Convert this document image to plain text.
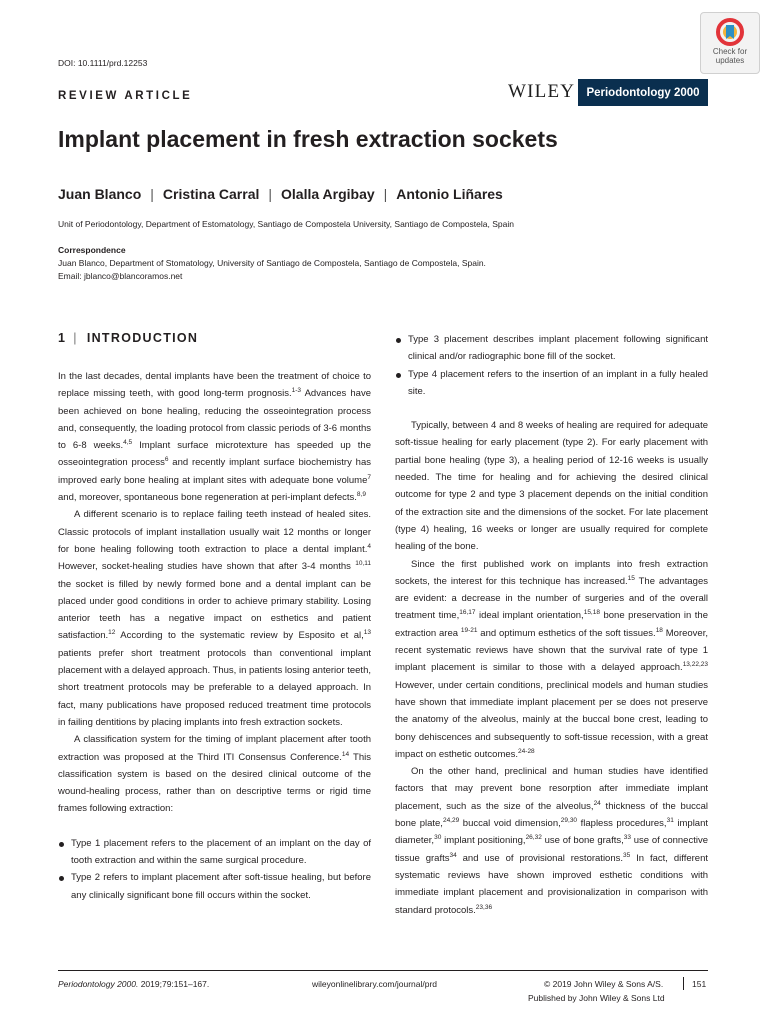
DOI: 10.1111/prd.12253
Check for
updates
REVIEW ARTICLE	WILEY Periodontology 2000
Implant placement in fresh extraction sockets
Juan Blanco | Cristina Carral | Olalla Argibay | Antonio Liñares
Unit of Periodontology, Department of Estomatology, Santiago de Compostela University, Santiago de Compostela, Spain
Correspondence
Juan Blanco, Department of Stomatology, University of Santiago de Compostela, Santiago de Compostela, Spain.
Email: jblanco@blancoramos.net
1 | INTRODUCTION

In the last decades, dental implants have been the treatment of choice to replace missing teeth, with good long-term prognosis.$^{1-3}$ Advances have been achieved on bone healing, reducing the osseointegration process and, consequently, the loading protocol from classic periods of 3-6 months to 6-8 weeks.$^{4,5}$ Implant surface microtexture has speeded up the osseointegration process$^6$ and recently implant surface biochemistry has improved early bone healing at implant sites with adequate bone volume$^7$ and, moreover, spontaneous bone regeneration at peri-implant defects.$^{8,9}$

A different scenario is to replace failing teeth instead of healed sites. Classic protocols of implant installation usually wait 12 months or longer for bone healing following tooth extraction to place a dental implant.$^4$ However, socket-healing studies have shown that after 3-4 months $^{10,11}$ the socket is filled by newly formed bone and a dental implant can be placed under good conditions in order to achieve primary stability. Losing anterior teeth has a negative impact on esthetics and patient satisfaction.$^{12}$ According to the systematic review by Esposito et al,$^{13}$ patients prefer short treatment protocols than conventional implant placement with a delayed approach. Thus, in patients losing anterior teeth, short treatment protocols may be preferable to a delayed approach. In fact, many publications have proposed reduced treatment time protocols in failing dentitions by placing implants into fresh extraction sockets.

A classification system for the timing of implant placement after tooth extraction was proposed at the Third ITI Consensus Conference.$^{14}$ This classification system is based on the desired clinical outcome of the wound-healing process, rather than on descriptive terms or rigid time frames following extraction:

Type 1 placement refers to the placement of an implant on the day of tooth extraction and within the same surgical procedure.
Type 2 refers to implant placement after soft-tissue healing, but before any clinically significant bone fill occurs within the socket.
Type 3 placement describes implant placement following significant clinical and/or radiographic bone fill of the socket.
Type 4 placement refers to the insertion of an implant in a fully healed site.

Typically, between 4 and 8 weeks of healing are required for adequate soft-tissue healing for early placement (type 2). For early placement with partial bone healing (type 3), a healing period of 12-16 weeks is usually needed. The time for healing and for achieving the desired clinical outcome for type 2 and type 3 placement depends on the initial condition of the extraction site and the dimensions of the socket. For late placement (type 4) healing, 16 weeks or longer are usually required for complete healing of the bone.

Since the first published work on implants into fresh extraction sockets, the interest for this technique has increased.$^{15}$ The advantages are evident: a decrease in the number of surgeries and of the overall treatment time,$^{16,17}$ ideal implant orientation,$^{15,18}$ bone preservation in the extraction area $^{19-21}$ and optimum esthetics of the soft tissues.$^{18}$ Moreover, recent systematic reviews have shown that the survival rate of type 1 implant placement is similar to those with a delayed approach.$^{13,22,23}$ However, under certain conditions, preclinical models and human studies have shown that immediate implant placement per se does not preserve the anatomy of the alveolus, mainly at the buccal bone crest, leading to bony dehiscences and subsequently to soft-tissue recession, with a great impact on esthetic outcomes.$^{24-28}$

On the other hand, preclinical and human studies have identified factors that may prevent bone resorption after immediate implant placement, such as the size of the alveolus,$^{24}$ thickness of the buccal bone plate,$^{24,29}$ buccal void dimension,$^{29,30}$ flapless procedures,$^{31}$ implant diameter,$^{30}$ implant positioning,$^{26,32}$ use of bone grafts,$^{33}$ use of connective tissue grafts$^{34}$ and use of provisional restorations.$^{35}$ In fact, different systematic reviews have shown improved esthetic conditions with immediate implant placement and provisionalization in comparison with standard protocols.$^{23,36}$

Periodontology 2000. 2019;79:151–167.	wileyonlinelibrary.com/journal/prd	© 2019 John Wiley & Sons A/S.
Published by John Wiley & Sons Ltd
151
